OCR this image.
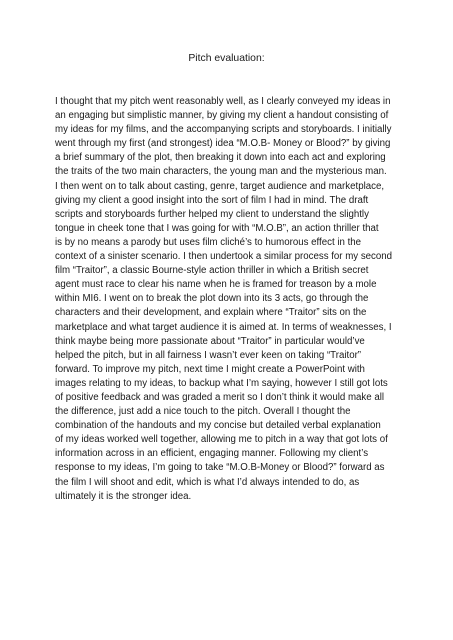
Pitch evaluation:
I thought that my pitch went reasonably well, as I clearly conveyed my ideas in
an engaging but simplistic manner, by giving my client a handout consisting of
my ideas for my films, and the accompanying scripts and storyboards. I initially
went through my first (and strongest) idea “M.O.B- Money or Blood?” by giving
a brief summary of the plot, then breaking it down into each act and exploring
the traits of the two main characters, the young man and the mysterious man.
I then went on to talk about casting, genre, target audience and marketplace,
giving my client a good insight into the sort of film I had in mind. The draft
scripts and storyboards further helped my client to understand the slightly
tongue in cheek tone that I was going for with “M.O.B”, an action thriller that
is by no means a parody but uses film cliché’s to humorous effect in the
context of a sinister scenario. I then undertook a similar process for my second
film “Traitor”, a classic Bourne-style action thriller in which a British secret
agent must race to clear his name when he is framed for treason by a mole
within MI6. I went on to break the plot down into its 3 acts, go through the
characters and their development, and explain where “Traitor” sits on the
marketplace and what target audience it is aimed at. In terms of weaknesses, I
think maybe being more passionate about “Traitor” in particular would’ve
helped the pitch, but in all fairness I wasn’t ever keen on taking “Traitor”
forward. To improve my pitch, next time I might create a PowerPoint with
images relating to my ideas, to backup what I’m saying, however I still got lots
of positive feedback and was graded a merit so I don’t think it would make all
the difference, just add a nice touch to the pitch. Overall I thought the
combination of the handouts and my concise but detailed verbal explanation
of my ideas worked well together, allowing me to pitch in a way that got lots of
information across in an efficient, engaging manner. Following my client’s
response to my ideas, I’m going to take “M.O.B-Money or Blood?” forward as
the film I will shoot and edit, which is what I’d always intended to do, as
ultimately it is the stronger idea.
